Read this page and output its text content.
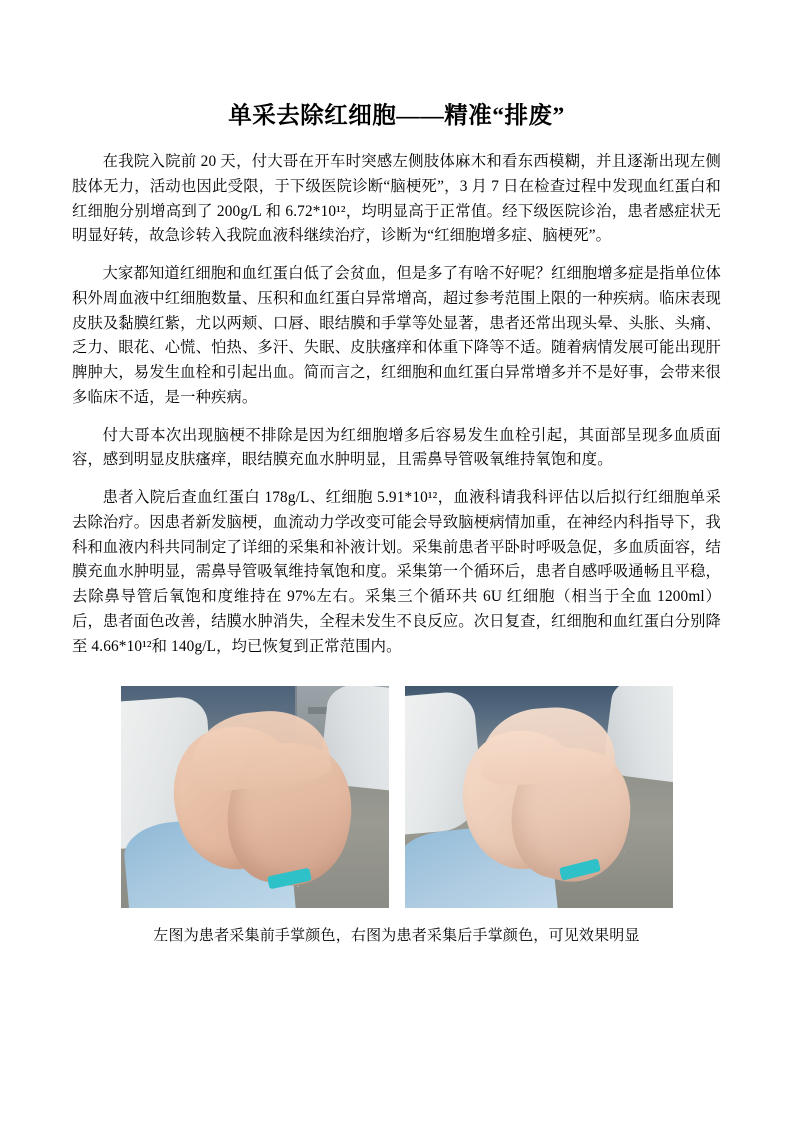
单采去除红细胞——精准“排废”

在我院入院前 20 天，付大哥在开车时突感左侧肢体麻木和看东西模糊，并且逐渐出现左侧肢体无力，活动也因此受限，于下级医院诊断“脑梗死”，3 月 7 日在检查过程中发现血红蛋白和红细胞分别增高到了 200g/L 和 6.72*10¹²，均明显高于正常值。经下级医院诊治，患者感症状无明显好转，故急诊转入我院血液科继续治疗，诊断为“红细胞增多症、脑梗死”。

大家都知道红细胞和血红蛋白低了会贫血，但是多了有啥不好呢？红细胞增多症是指单位体积外周血液中红细胞数量、压积和血红蛋白异常增高，超过参考范围上限的一种疾病。临床表现皮肤及黏膜红紫，尤以两颊、口唇、眼结膜和手掌等处显著，患者还常出现头晕、头胀、头痛、乏力、眼花、心慌、怕热、多汗、失眠、皮肤瘙痒和体重下降等不适。随着病情发展可能出现肝脾肿大，易发生血栓和引起出血。简而言之，红细胞和血红蛋白异常增多并不是好事，会带来很多临床不适，是一种疾病。

付大哥本次出现脑梗不排除是因为红细胞增多后容易发生血栓引起，其面部呈现多血质面容，感到明显皮肤瘙痒，眼结膜充血水肿明显，且需鼻导管吸氧维持氧饱和度。

患者入院后查血红蛋白 178g/L、红细胞 5.91*10¹²，血液科请我科评估以后拟行红细胞单采去除治疗。因患者新发脑梗，血流动力学改变可能会导致脑梗病情加重，在神经内科指导下，我科和血液内科共同制定了详细的采集和补液计划。采集前患者平卧时呼吸急促，多血质面容，结膜充血水肿明显，需鼻导管吸氧维持氧饱和度。采集第一个循环后，患者自感呼吸通畅且平稳，去除鼻导管后氧饱和度维持在 97%左右。采集三个循环共 6U 红细胞（相当于全血 1200ml）后，患者面色改善，结膜水肿消失，全程未发生不良反应。次日复查，红细胞和血红蛋白分别降至 4.66*10¹²和 140g/L，均已恢复到正常范围内。

左图为患者采集前手掌颜色，右图为患者采集后手掌颜色，可见效果明显
